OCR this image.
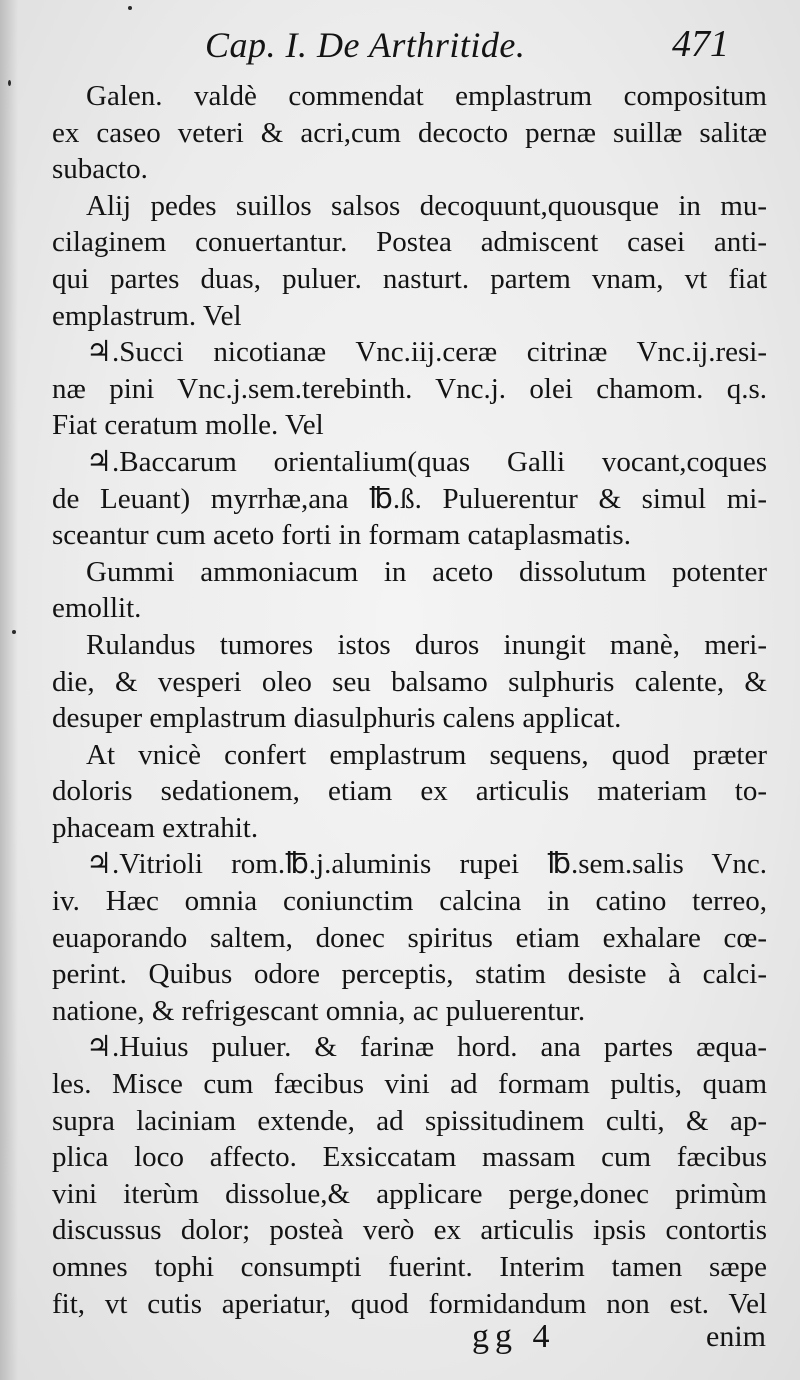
Cap. I. De Arthritide.	471
Galen. valdè commendat emplastrum compositum
ex caseo veteri & acri,cum decocto pernæ suillæ salitæ
subacto.
Alij pedes suillos salsos decoquunt,quousque in mu-
cilaginem conuertantur. Postea admiscent casei anti-
qui partes duas, puluer. nasturt. partem vnam, vt fiat
emplastrum. Vel
♃.Succi nicotianæ Vnc.iij.ceræ citrinæ Vnc.ij.resi-
næ pini Vnc.j.sem.terebinth. Vnc.j. olei chamom. q.s.
Fiat ceratum molle. Vel
♃.Baccarum orientalium(quas Galli vocant,coques
de Leuant) myrrhæ,ana ℔.ß. Puluerentur & simul mi-
sceantur cum aceto forti in formam cataplasmatis.
Gummi ammoniacum in aceto dissolutum potenter
emollit.
Rulandus tumores istos duros inungit manè, meri-
die, & vesperi oleo seu balsamo sulphuris calente, &
desuper emplastrum diasulphuris calens applicat.
At vnicè confert emplastrum sequens, quod præter
doloris sedationem, etiam ex articulis materiam to-
phaceam extrahit.
♃.Vitrioli rom.℔.j.aluminis rupei ℔.sem.salis Vnc.
iv. Hæc omnia coniunctim calcina in catino terreo,
euaporando saltem, donec spiritus etiam exhalare cœ-
perint. Quibus odore perceptis, statim desiste à calci-
natione, & refrigescant omnia, ac puluerentur.
♃.Huius puluer. & farinæ hord. ana partes æqua-
les. Misce cum fæcibus vini ad formam pultis, quam
supra laciniam extende, ad spissitudinem culti, & ap-
plica loco affecto. Exsiccatam massam cum fæcibus
vini iterùm dissolue,& applicare perge,donec primùm
discussus dolor; posteà verò ex articulis ipsis contortis
omnes tophi consumpti fuerint. Interim tamen sæpe
fit, vt cutis aperiatur, quod formidandum non est. Vel
gg 4	enim
